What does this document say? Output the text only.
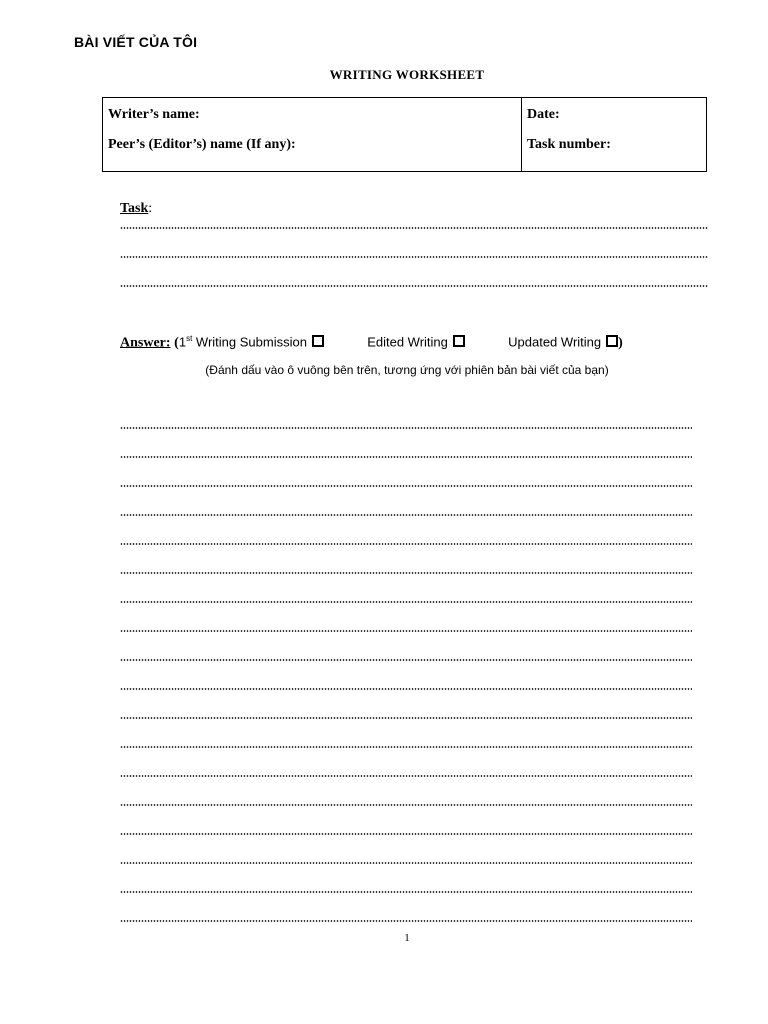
BÀI VIẾT CỦA TÔI
WRITING WORKSHEET
Writer’s name:
Peer’s (Editor’s) name (If any):
Date:
Task number:
Task:
Answer: (1st Writing Submission	Edited Writing	Updated Writing )
(Đánh dấu vào ô vuông bên trên, tương ứng với phiên bản bài viết của bạn)
1
